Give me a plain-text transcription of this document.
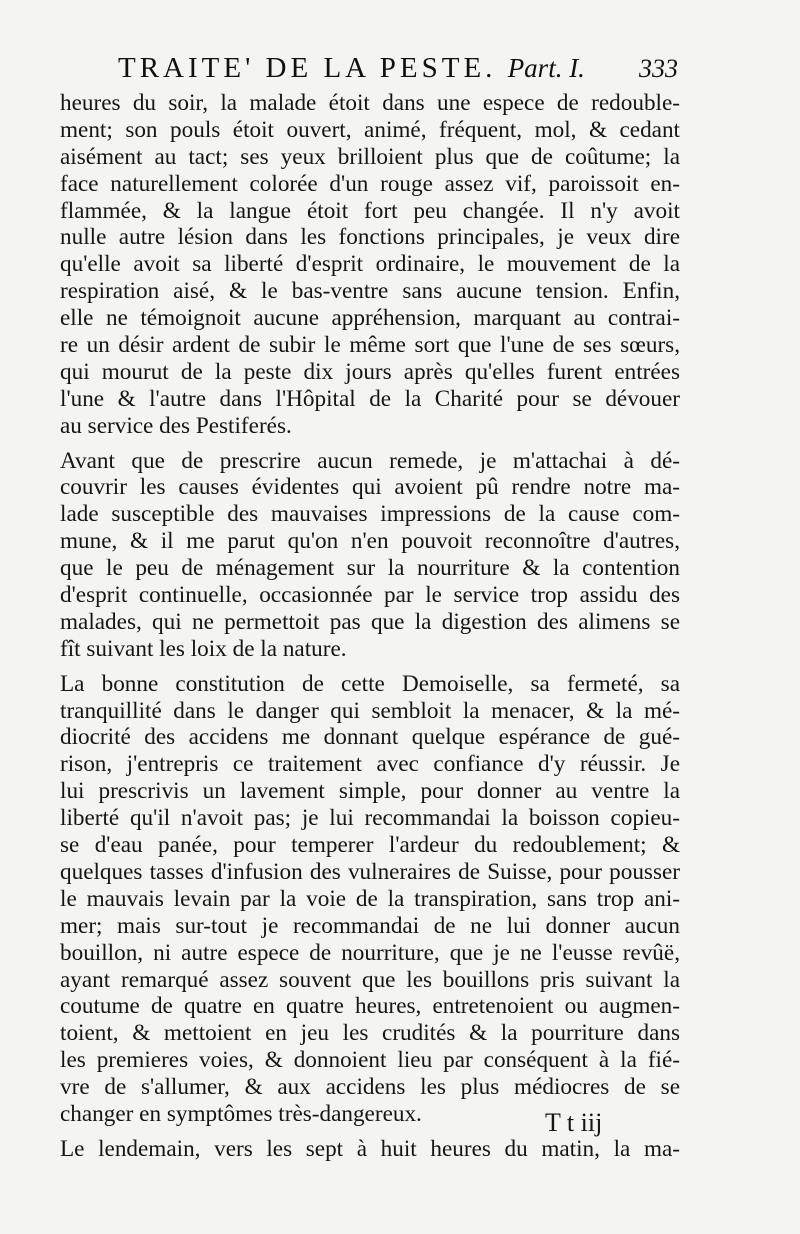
TRAITE' DE LA PESTE. Part. I. 333
heures du soir, la malade étoit dans une espece de redouble-
ment; son pouls étoit ouvert, animé, fréquent, mol, & cedant
aisément au tact; ses yeux brilloient plus que de coûtume; la
face naturellement colorée d'un rouge assez vif, paroissoit en-
flammée, & la langue étoit fort peu changée. Il n'y avoit
nulle autre lésion dans les fonctions principales, je veux dire
qu'elle avoit sa liberté d'esprit ordinaire, le mouvement de la
respiration aisé, & le bas-ventre sans aucune tension. Enfin,
elle ne témoignoit aucune appréhension, marquant au contrai-
re un désir ardent de subir le même sort que l'une de ses sœurs,
qui mourut de la peste dix jours après qu'elles furent entrées
l'une & l'autre dans l'Hôpital de la Charité pour se dévouer
au service des Pestiferés.
Avant que de prescrire aucun remede, je m'attachai à dé-
couvrir les causes évidentes qui avoient pû rendre notre ma-
lade susceptible des mauvaises impressions de la cause com-
mune, & il me parut qu'on n'en pouvoit reconnoître d'autres,
que le peu de ménagement sur la nourriture & la contention
d'esprit continuelle, occasionnée par le service trop assidu des
malades, qui ne permettoit pas que la digestion des alimens se
fît suivant les loix de la nature.
La bonne constitution de cette Demoiselle, sa fermeté, sa
tranquillité dans le danger qui sembloit la menacer, & la mé-
diocrité des accidens me donnant quelque espérance de gué-
rison, j'entrepris ce traitement avec confiance d'y réussir. Je
lui prescrivis un lavement simple, pour donner au ventre la
liberté qu'il n'avoit pas; je lui recommandai la boisson copieu-
se d'eau panée, pour temperer l'ardeur du redoublement; &
quelques tasses d'infusion des vulneraires de Suisse, pour pousser
le mauvais levain par la voie de la transpiration, sans trop ani-
mer; mais sur-tout je recommandai de ne lui donner aucun
bouillon, ni autre espece de nourriture, que je ne l'eusse revûë,
ayant remarqué assez souvent que les bouillons pris suivant la
coutume de quatre en quatre heures, entretenoient ou augmen-
toient, & mettoient en jeu les crudités & la pourriture dans
les premieres voies, & donnoient lieu par conséquent à la fié-
vre de s'allumer, & aux accidens les plus médiocres de se
changer en symptômes très-dangereux.
Le lendemain, vers les sept à huit heures du matin, la ma-
T t iij
